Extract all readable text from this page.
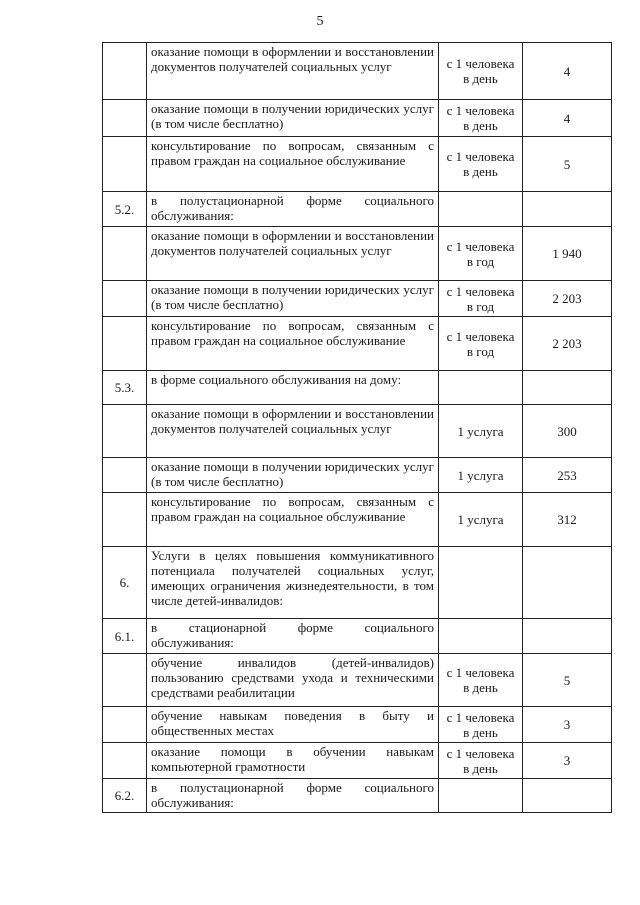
5
	оказание помощи в оформлении и восстановлении документов получателей социальных услуг	с 1 человека в день	4
	оказание помощи в получении юридических услуг (в том числе бесплатно)	с 1 человека в день	4
	консультирование по вопросам, связанным с правом граждан на социальное обслуживание	с 1 человека в день	5
5.2.	в полустационарной форме социального обслуживания:		
	оказание помощи в оформлении и восстановлении документов получателей социальных услуг	с 1 человека в год	1 940
	оказание помощи в получении юридических услуг (в том числе бесплатно)	с 1 человека в год	2 203
	консультирование по вопросам, связанным с правом граждан на социальное обслуживание	с 1 человека в год	2 203
5.3.	в форме социального обслуживания на дому:		
	оказание помощи в оформлении и восстановлении документов получателей социальных услуг	1 услуга	300
	оказание помощи в получении юридических услуг (в том числе бесплатно)	1 услуга	253
	консультирование по вопросам, связанным с правом граждан на социальное обслуживание	1 услуга	312
6.	Услуги в целях повышения коммуникативного потенциала получателей социальных услуг, имеющих ограничения жизнедеятельности, в том числе детей-инвалидов:		
6.1.	в стационарной форме социального обслуживания:		
	обучение инвалидов (детей-инвалидов) пользованию средствами ухода и техническими средствами реабилитации	с 1 человека в день	5
	обучение навыкам поведения в быту и общественных местах	с 1 человека в день	3
	оказание помощи в обучении навыкам компьютерной грамотности	с 1 человека в день	3
6.2.	в полустационарной форме социального обслуживания:		
